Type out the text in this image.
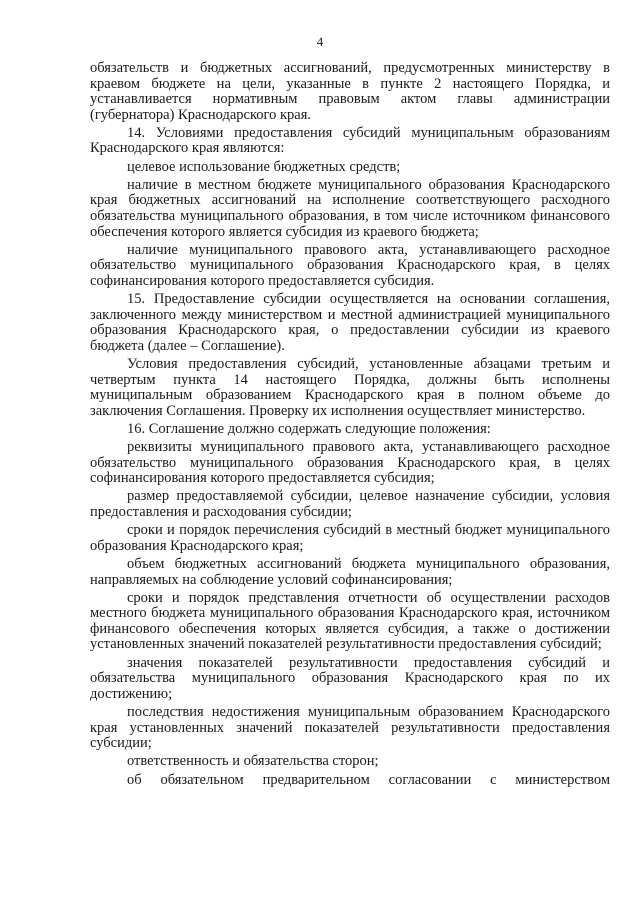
4

обязательств и бюджетных ассигнований, предусмотренных министерству в краевом бюджете на цели, указанные в пункте 2 настоящего Порядка, и устанавливается нормативным правовым актом главы администрации (губернатора) Краснодарского края.

14. Условиями предоставления субсидий муниципальным образованиям Краснодарского края являются:

целевое использование бюджетных средств;

наличие в местном бюджете муниципального образования Краснодарского края бюджетных ассигнований на исполнение соответствующего расходного обязательства муниципального образования, в том числе источником финансового обеспечения которого является субсидия из краевого бюджета;

наличие муниципального правового акта, устанавливающего расходное обязательство муниципального образования Краснодарского края, в целях софинансирования которого предоставляется субсидия.

15. Предоставление субсидии осуществляется на основании соглашения, заключенного между министерством и местной администрацией муниципального образования Краснодарского края, о предоставлении субсидии из краевого бюджета (далее – Соглашение).

Условия предоставления субсидий, установленные абзацами третьим и четвертым пункта 14 настоящего Порядка, должны быть исполнены муниципальным образованием Краснодарского края в полном объеме до заключения Соглашения. Проверку их исполнения осуществляет министерство.

16. Соглашение должно содержать следующие положения:

реквизиты муниципального правового акта, устанавливающего расходное обязательство муниципального образования Краснодарского края, в целях софинансирования которого предоставляется субсидия;

размер предоставляемой субсидии, целевое назначение субсидии, условия предоставления и расходования субсидии;

сроки и порядок перечисления субсидий в местный бюджет муниципального образования Краснодарского края;

объем бюджетных ассигнований бюджета муниципального образования, направляемых на соблюдение условий софинансирования;

сроки и порядок представления отчетности об осуществлении расходов местного бюджета муниципального образования Краснодарского края, источником финансового обеспечения которых является субсидия, а также о достижении установленных значений показателей результативности предоставления субсидий;

значения показателей результативности предоставления субсидий и обязательства муниципального образования Краснодарского края по их достижению;

последствия недостижения муниципальным образованием Краснодарского края установленных значений показателей результативности предоставления субсидии;

ответственность и обязательства сторон;

об обязательном предварительном согласовании с министерством
